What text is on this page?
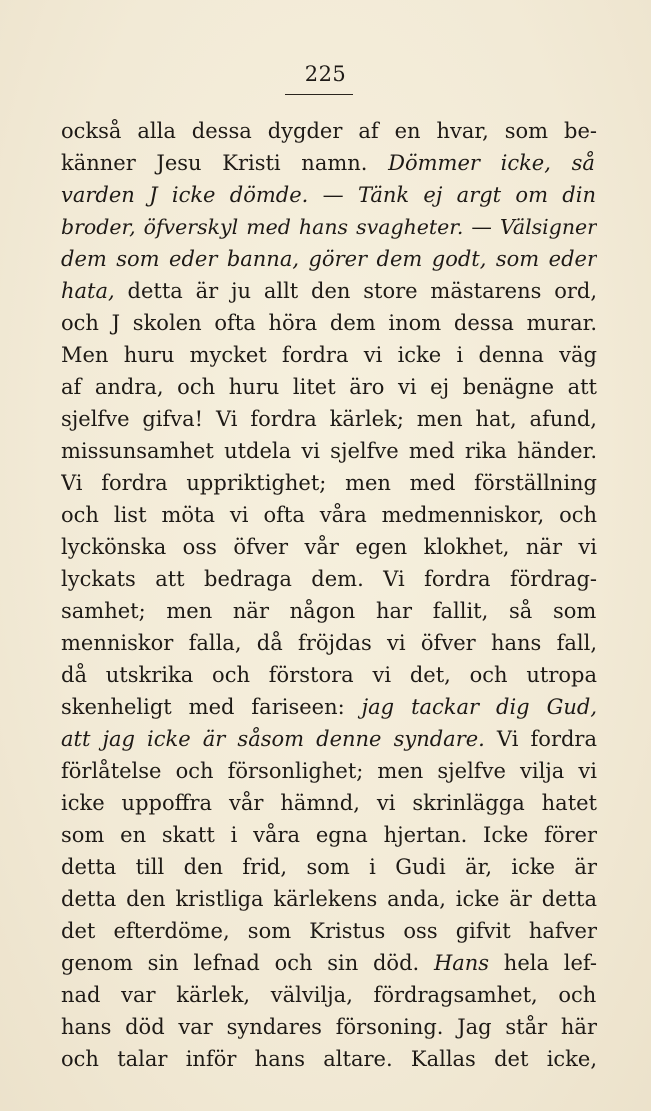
225
också alla dessa dygder af en hvar, som be-
känner Jesu Kristi namn. Dömmer icke, så
varden J icke dömde. — Tänk ej argt om din
broder, öfverskyl med hans svagheter. — Välsigner
dem som eder banna, görer dem godt, som eder
hata, detta är ju allt den store mästarens ord,
och J skolen ofta höra dem inom dessa murar.
Men huru mycket fordra vi icke i denna väg
af andra, och huru litet äro vi ej benägne att
sjelfve gifva! Vi fordra kärlek; men hat, afund,
missunsamhet utdela vi sjelfve med rika händer.
Vi fordra uppriktighet; men med förställning
och list möta vi ofta våra medmenniskor, och
lyckönska oss öfver vår egen klokhet, när vi
lyckats att bedraga dem. Vi fordra fördrag-
samhet; men när någon har fallit, så som
menniskor falla, då fröjdas vi öfver hans fall,
då utskrika och förstora vi det, och utropa
skenheligt med fariseen: jag tackar dig Gud,
att jag icke är såsom denne syndare. Vi fordra
förlåtelse och försonlighet; men sjelfve vilja vi
icke uppoffra vår hämnd, vi skrinlägga hatet
som en skatt i våra egna hjertan. Icke förer
detta till den frid, som i Gudi är, icke är
detta den kristliga kärlekens anda, icke är detta
det efterdöme, som Kristus oss gifvit hafver
genom sin lefnad och sin död. Hans hela lef-
nad var kärlek, välvilja, fördragsamhet, och
hans död var syndares försoning. Jag står här
och talar inför hans altare. Kallas det icke,
